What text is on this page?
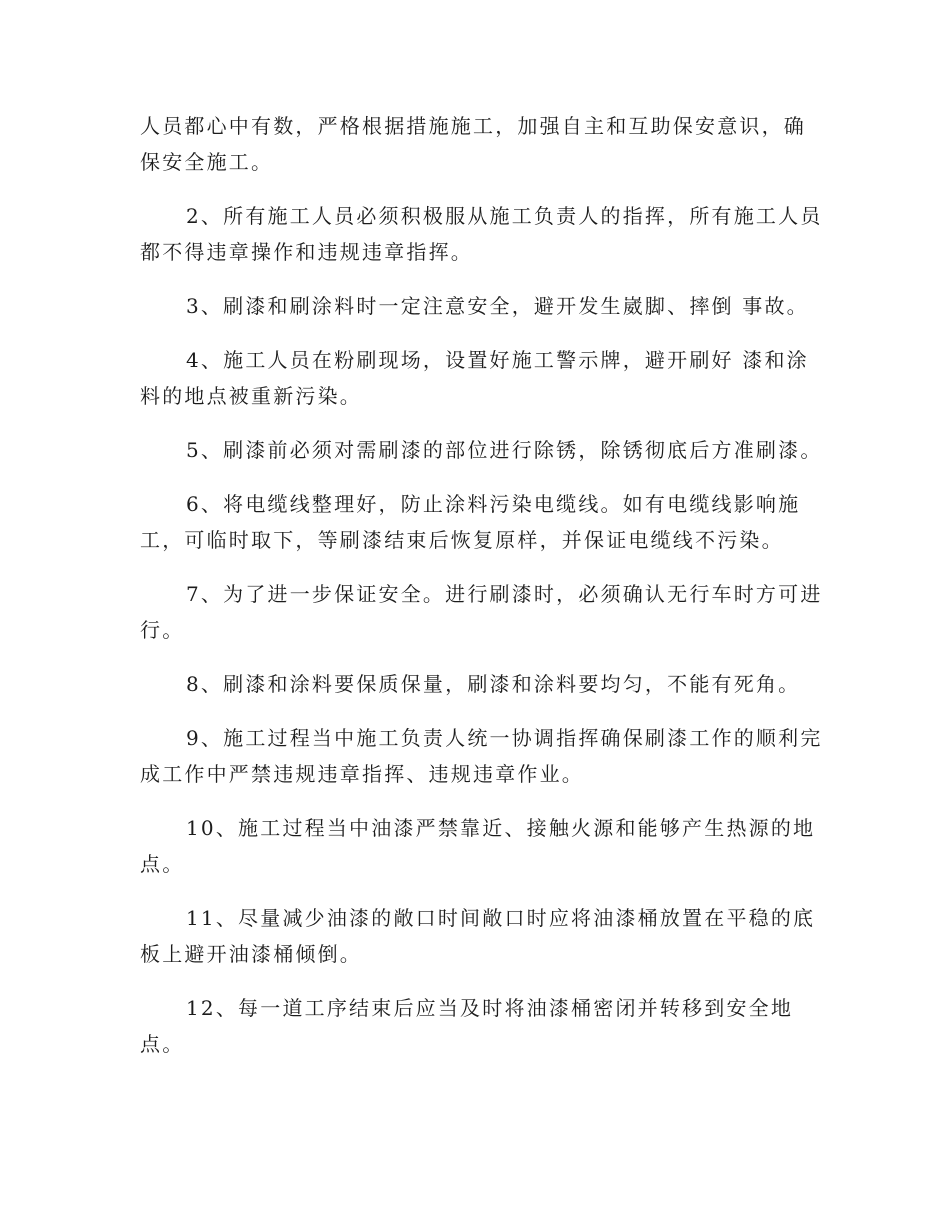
人员都心中有数，严格根据措施施工，加强自主和互助保安意识，确
保安全施工。

2、所有施工人员必须积极服从施工负责人的指挥，所有施工人员

都不得违章操作和违规违章指挥。

3、刷漆和刷涂料时一定注意安全，避开发生崴脚、摔倒 事故。

4、施工人员在粉刷现场，设置好施工警示牌，避开刷好 漆和涂

料的地点被重新污染。

5、刷漆前必须对需刷漆的部位进行除锈，除锈彻底后方准刷漆。

6、将电缆线整理好，防止涂料污染电缆线。如有电缆线影响施

工，可临时取下，等刷漆结束后恢复原样，并保证电缆线不污染。

7、为了进一步保证安全。进行刷漆时，必须确认无行车时方可进

行。

8、刷漆和涂料要保质保量，刷漆和涂料要均匀，不能有死角。

9、施工过程当中施工负责人统一协调指挥确保刷漆工作的顺利完

成工作中严禁违规违章指挥、违规违章作业。

10、施工过程当中油漆严禁靠近、接触火源和能够产生热源的地

点。

11、尽量减少油漆的敞口时间敞口时应将油漆桶放置在平稳的底

板上避开油漆桶倾倒。

12、每一道工序结束后应当及时将油漆桶密闭并转移到安全地

点。
